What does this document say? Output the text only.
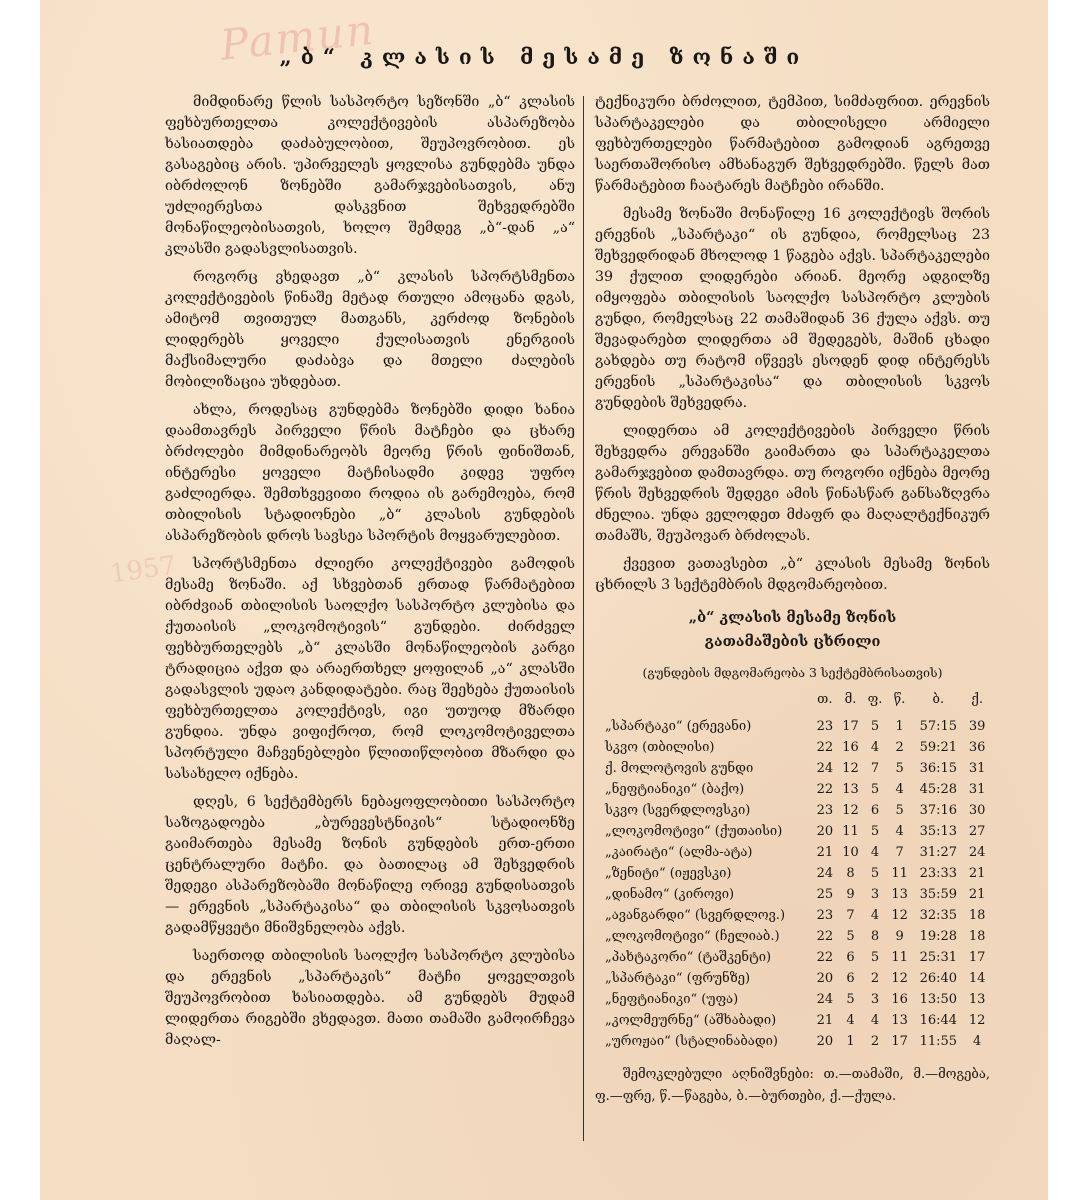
Pamun
1957
„ბ“ კლასის მესამე ზონაში

მიმდინარე წლის სასპორტო სეზონში „ბ“ კლასის ფეხბურთელთა კოლექტივების ასპარეზობა ხასიათდება დაძაბულობით, შეუპოვრობით. ეს გასაგებიც არის. უპირველეს ყოვლისა გუნდებმა უნდა იბრძოლონ ზონებში გამარჯვებისათვის, ანუ უძლიერესთა დასკვნით შეხვედრებში მონაწილეობისათვის, ხოლო შემდეგ „ბ“-დან „ა“ კლასში გადასვლისათვის.

როგორც ვხედავთ „ბ“ კლასის სპორტსმენთა კოლექტივების წინაშე მეტად რთული ამოცანა დგას, ამიტომ თვითეულ მათგანს, კერძოდ ზონების ლიდერებს ყოველი ქულისათვის ენერგიის მაქსიმალური დაძაბვა და მთელი ძალების მობილიზაცია უხდებათ.

ახლა, როდესაც გუნდებმა ზონებში დიდი ხანია დაამთავრეს პირველი წრის მატჩები და ცხარე ბრძოლები მიმდინარეობს მეორე წრის ფინიშთან, ინტერესი ყოველი მატჩისადმი კიდევ უფრო გაძლიერდა. შემთხვევითი როდია ის გარემოება, რომ თბილისის სტადიონები „ბ“ კლასის გუნდების ასპარეზობის დროს სავსეა სპორტის მოყვარულებით.

სპორტსმენთა ძლიერი კოლექტივები გამოდის მესამე ზონაში. აქ სხვებთან ერთად წარმატებით იბრძვიან თბილისის საოლქო სასპორტო კლუბისა და ქუთაისის „ლოკომოტივის“ გუნდები. ძირძველ ფეხბურთელებს „ბ“ კლასში მონაწილეობის კარგი ტრადიცია აქვთ და არაერთხელ ყოფილან „ა“ კლასში გადასვლის უდაო კანდიდატები. რაც შეეხება ქუთაისის ფეხბურთელთა კოლექტივს, იგი უთუოდ მზარდი გუნდია. უნდა ვიფიქროთ, რომ ლოკომოტიველთა სპორტული მაჩვენებლები წლითიწლობით მზარდი და სასახელო იქნება.

დღეს, 6 სექტემბერს ნებაყოფლობითი სასპორტო საზოგადოება „ბურევესტნიკის“ სტადიონზე გაიმართება მესამე ზონის გუნდების ერთ-ერთი ცენტრალური მატჩი. და ბათილაც ამ შეხვედრის შედეგი ასპარეზობაში მონაწილე ორივე გუნდისათვის — ერევნის „სპარტაკისა“ და თბილისის სკვოსათვის გადამწყვეტი მნიშვნელობა აქვს.

საერთოდ თბილისის საოლქო სასპორტო კლუბისა და ერევნის „სპარტაკის“ მატჩი ყოველთვის შეუპოვრობით ხასიათდება. ამ გუნდებს მუდამ ლიდერთა რიგებში ვხედავთ. მათი თამაში გამოირჩევა მაღალ-

ტექნიკური ბრძოლით, ტემპით, სიმძაფრით. ერევნის სპარტაკელები და თბილისელი არმიელი ფეხბურთელები წარმატებით გამოდიან აგრეთვე საერთაშორისო ამხანაგურ შეხვედრებში. წელს მათ წარმატებით ჩაატარეს მატჩები ირანში.

მესამე ზონაში მონაწილე 16 კოლექტივს შორის ერევნის „სპარტაკი“ ის გუნდია, რომელსაც 23 შეხვედრიდან მხოლოდ 1 წაგება აქვს. სპარტაკელები 39 ქულით ლიდერები არიან. მეორე ადგილზე იმყოფება თბილისის საოლქო სასპორტო კლუბის გუნდი, რომელსაც 22 თამაშიდან 36 ქულა აქვს. თუ შევადარებთ ლიდერთა ამ შედეგებს, მაშინ ცხადი გახდება თუ რატომ იწვევს ესოდენ დიდ ინტერესს ერევნის „სპარტაკისა“ და თბილისის სკვოს გუნდების შეხვედრა.

ლიდერთა ამ კოლექტივების პირველი წრის შეხვედრა ერევანში გაიმართა და სპარტაკელთა გამარჯვებით დამთავრდა. თუ როგორი იქნება მეორე წრის შეხვედრის შედეგი ამის წინასწარ განსაზღვრა ძნელია. უნდა ველოდეთ მძაფრ და მაღალტექნიკურ თამაშს, შეუპოვარ ბრძოლას.

ქვევით ვათავსებთ „ბ“ კლასის მესამე ზონის ცხრილს 3 სექტემბრის მდგომარეობით.

„ბ“ კლასის მესამე ზონის
გათამაშების ცხრილი
(გუნდების მდგომარეობა 3 სექტემბრისათვის)
	თ.	მ.	ფ.	წ.	ბ.	ქ.
„სპარტაკი“ (ერევანი)	23	17	5	1	57:15	39
სკვო (თბილისი)	22	16	4	2	59:21	36
ქ. მოლოტოვის გუნდი	24	12	7	5	36:15	31
„ნეფტიანიკი“ (ბაქო)	22	13	5	4	45:28	31
სკვო (სვერდლოვსკი)	23	12	6	5	37:16	30
„ლოკომოტივი“ (ქუთაისი)	20	11	5	4	35:13	27
„კაირატი“ (ალმა-ატა)	21	10	4	7	31:27	24
„ზენიტი“ (იჟევსკი)	24	8	5	11	23:33	21
„დინამო“ (კიროვი)	25	9	3	13	35:59	21
„ავანგარდი“ (სვერდლოვ.)	23	7	4	12	32:35	18
„ლოკომოტივი“ (ჩელიაბ.)	22	5	8	9	19:28	18
„პახტაკორი“ (ტაშკენტი)	22	6	5	11	25:31	17
„სპარტაკი“ (ფრუნზე)	20	6	2	12	26:40	14
„ნეფტიანიკი“ (უფა)	24	5	3	16	13:50	13
„კოლმეურნე“ (აშხაბადი)	21	4	4	13	16:44	12
„უროჟაი“ (სტალინაბადი)	20	1	2	17	11:55	4
შემოკლებული აღნიშვნები: თ.—თამაში, მ.—მოგება, ფ.—ფრე, წ.—წაგება, ბ.—ბურთები, ქ.—ქულა.
